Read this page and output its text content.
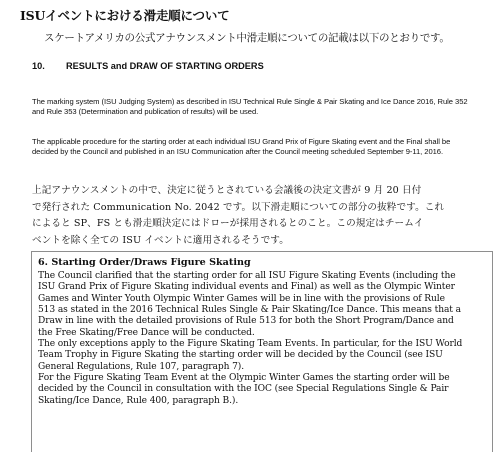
ISUイベントにおける滑走順について
スケートアメリカの公式アナウンスメント中滑走順についての記載は以下のとおりです。
10. RESULTS and DRAW OF STARTING ORDERS
The marking system (ISU Judging System) as described in ISU Technical Rule Single & Pair Skating and Ice Dance 2016, Rule 352 and Rule 353 (Determination and publication of results) will be used.
The applicable procedure for the starting order at each individual ISU Grand Prix of Figure Skating event and the Final shall be decided by the Council and published in an ISU Communication after the Council meeting scheduled September 9-11, 2016.
上記アナウンスメントの中で、決定に従うとされている会議後の決定文書が 9 月 20 日付
で発行された Communication No. 2042 です。以下滑走順についての部分の抜粋です。これ
によると SP、FS とも滑走順決定にはドローが採用されるとのこと。この規定はチームイ
ベントを除く全ての ISU イベントに適用されるそうです。
6. Starting Order/Draws Figure Skating
The Council clarified that the starting order for all ISU Figure Skating Events (including the
ISU Grand Prix of Figure Skating individual events and Final) as well as the Olympic Winter
Games and Winter Youth Olympic Winter Games will be in line with the provisions of Rule
513 as stated in the 2016 Technical Rules Single & Pair Skating/Ice Dance. This means that a
Draw in line with the detailed provisions of Rule 513 for both the Short Program/Dance and
the Free Skating/Free Dance will be conducted.
The only exceptions apply to the Figure Skating Team Events. In particular, for the ISU World
Team Trophy in Figure Skating the starting order will be decided by the Council (see ISU
General Regulations, Rule 107, paragraph 7).
For the Figure Skating Team Event at the Olympic Winter Games the starting order will be
decided by the Council in consultation with the IOC (see Special Regulations Single & Pair
Skating/Ice Dance, Rule 400, paragraph B.).
